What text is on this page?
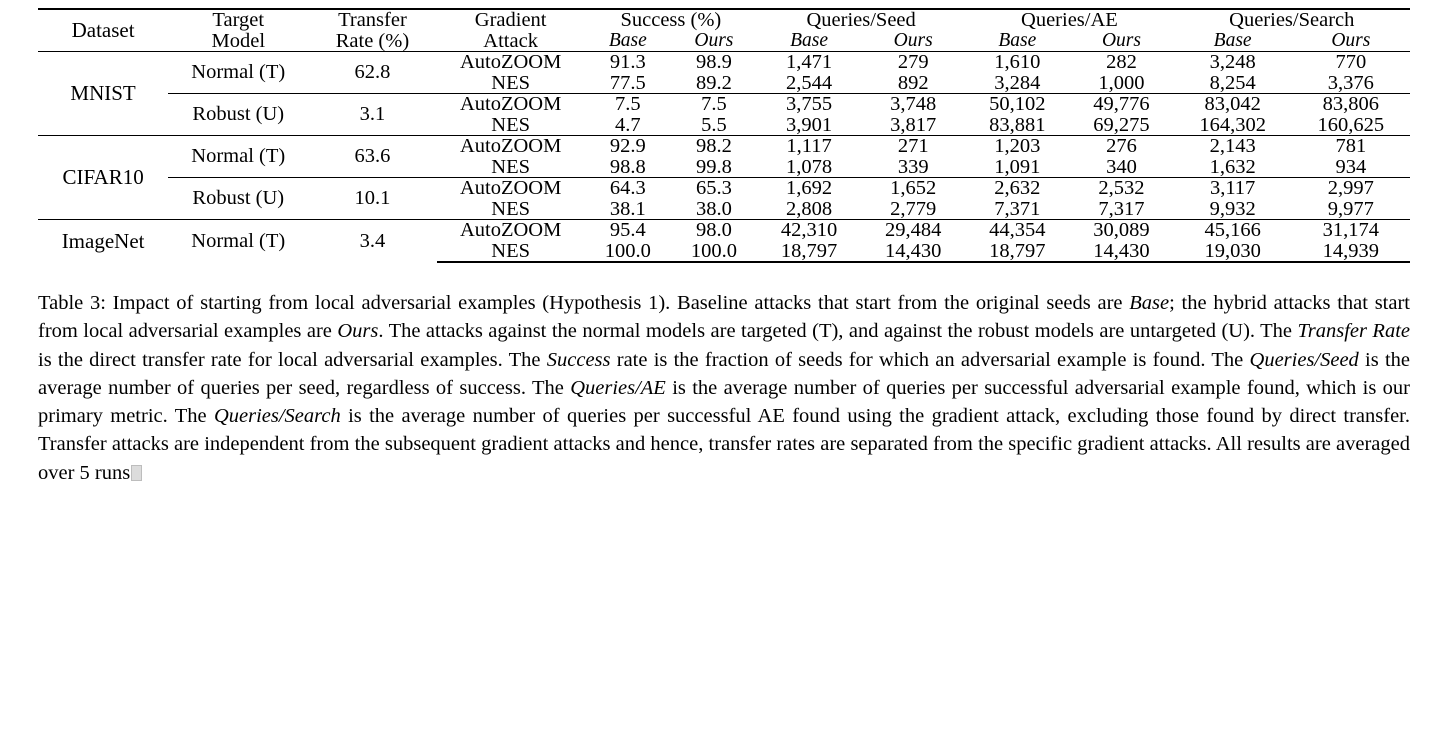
Dataset	Target	Transfer	Gradient	Success (%)		Queries/Seed		Queries/AE		Queries/Search	
	Model	Rate (%)	Attack	Base	Ours	Base	Ours	Base	Ours	Base	Ours
MNIST	Normal (T)	62.8	AutoZOOM	91.3	98.9	1,471	279	1,610	282	3,248	770
			NES	77.5	89.2	2,544	892	3,284	1,000	8,254	3,376
	Robust (U)	3.1	AutoZOOM	7.5	7.5	3,755	3,748	50,102	49,776	83,042	83,806
			NES	4.7	5.5	3,901	3,817	83,881	69,275	164,302	160,625
CIFAR10	Normal (T)	63.6	AutoZOOM	92.9	98.2	1,117	271	1,203	276	2,143	781
			NES	98.8	99.8	1,078	339	1,091	340	1,632	934
	Robust (U)	10.1	AutoZOOM	64.3	65.3	1,692	1,652	2,632	2,532	3,117	2,997
			NES	38.1	38.0	2,808	2,779	7,371	7,317	9,932	9,977
ImageNet	Normal (T)	3.4	AutoZOOM	95.4	98.0	42,310	29,484	44,354	30,089	45,166	31,174
			NES	100.0	100.0	18,797	14,430	18,797	14,430	19,030	14,939
Table 3: Impact of starting from local adversarial examples (Hypothesis 1). Baseline attacks that start from the original seeds are Base; the hybrid attacks that start from local adversarial examples are Ours. The attacks against the normal models are targeted (T), and against the robust models are untargeted (U). The Transfer Rate is the direct transfer rate for local adversarial examples. The Success rate is the fraction of seeds for which an adversarial example is found. The Queries/Seed is the average number of queries per seed, regardless of success. The Queries/AE is the average number of queries per successful adversarial example found, which is our primary metric. The Queries/Search is the average number of queries per successful AE found using the gradient attack, excluding those found by direct transfer. Transfer attacks are independent from the subsequent gradient attacks and hence, transfer rates are separated from the specific gradient attacks. All results are averaged over 5 runs
